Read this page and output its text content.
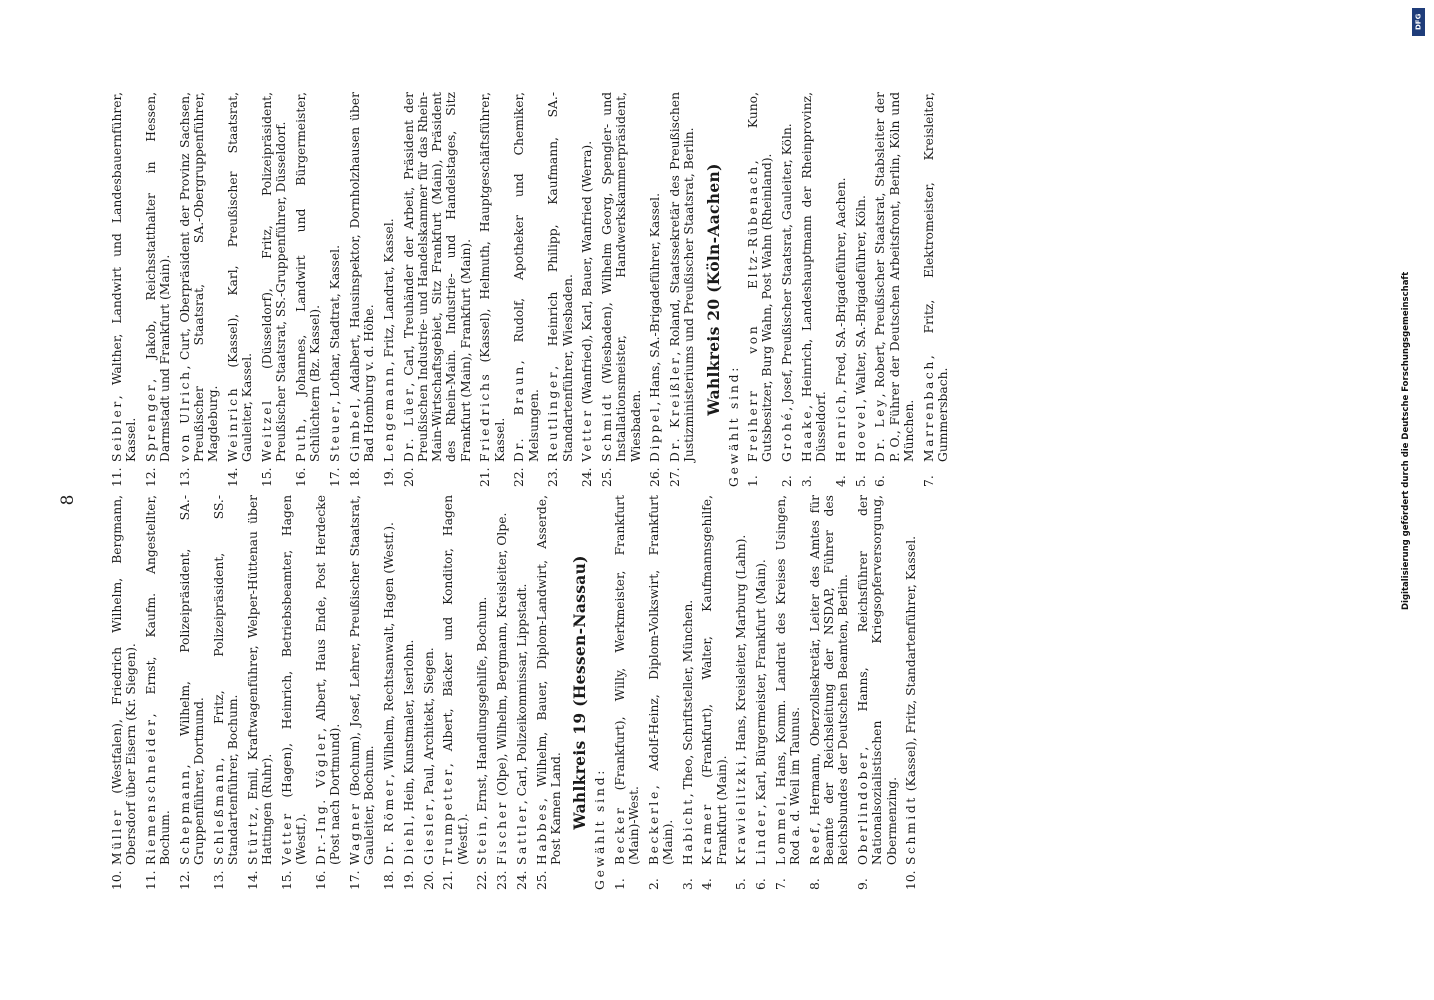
8
10.
Müller (Westfalen), Friedrich Wilhelm, Bergmann, Obersdorf über Eisern (Kr. Siegen).
11.
Riemenschneider, Ernst, Kaufm. Angestellter, Bochum.
12.
Schepmann, Wilhelm, Polizeipräsident, SA.-Gruppenführer, Dortmund.
13.
Schleßmann, Fritz, Polizeipräsident, SS.-Standartenführer, Bochum.
14.
Stürtz, Emil, Kraftwagenführer, Welper-Hüttenau über Hattingen (Ruhr).
15.
Vetter (Hagen), Heinrich, Betriebsbeamter, Hagen (Westf.).
16.
Dr.-Ing. Vögler, Albert, Haus Ende, Post Herdecke (Post nach Dortmund).
17.
Wagner (Bochum), Josef, Lehrer, Preußischer Staatsrat, Gauleiter, Bochum.
18.
Dr. Römer, Wilhelm, Rechtsanwalt, Hagen (Westf.).
19.
Diehl, Hein, Kunstmaler, Iserlohn.
20.
Giesler, Paul, Architekt, Siegen.
21.
Trumpetter, Albert, Bäcker und Konditor, Hagen (Westf.).
22.
Stein, Ernst, Handlungsgehilfe, Bochum.
23.
Fischer (Olpe), Wilhelm, Bergmann, Kreisleiter, Olpe.
24.
Sattler, Carl, Polizeikommissar, Lippstadt.
25.
Habbes, Wilhelm, Bauer, Diplom-Landwirt, Asserde, Post Kamen Land. Wahlkreis 19 (Hessen-Nassau) Gewählt sind: 1.
Becker (Frankfurt), Willy, Werkmeister, Frankfurt (Main)-West.
2.
Beckerle, Adolf-Heinz, Diplom-Volkswirt, Frankfurt (Main).
3.
Habicht, Theo, Schriftsteller, München.
4.
Kramer (Frankfurt), Walter, Kaufmannsgehilfe, Frankfurt (Main).
5.
Krawielitzki, Hans, Kreisleiter, Marburg (Lahn).
6.
Linder, Karl, Bürgermeister, Frankfurt (Main).
7.
Lommel, Hans, Komm. Landrat des Kreises Usingen, Rod a. d. Weil im Taunus.
8.
Reef, Hermann, Oberzollsekretär, Leiter des Amtes für Beamte der Reichsleitung der NSDAP, Führer des Reichsbundes der Deutschen Beamten, Berlin.
9.
Oberlindober, Hanns, Reichsführer der Nationalsozialistischen Kriegsopferversorgung, Obermenzing.
10.
Schmidt (Kassel), Fritz, Standartenführer, Kassel.
11.
Seibler, Walther, Landwirt und Landesbauernführer, Kassel.
12.
Sprenger, Jakob, Reichsstatthalter in Hessen, Darmstadt und Frankfurt (Main).
13.
von Ulrich, Curt, Oberpräsident der Provinz Sachsen, Preußischer Staatsrat, SA.-Obergruppenführer, Magdeburg.
14.
Weinrich (Kassel), Karl, Preußischer Staatsrat, Gauleiter, Kassel.
15.
Weitzel (Düsseldorf), Fritz, Polizeipräsident, Preußischer Staatsrat, SS.-Gruppenführer, Düsseldorf.
16.
Puth, Johannes, Landwirt und Bürgermeister, Schlüchtern (Bz. Kassel).
17.
Steuer, Lothar, Stadtrat, Kassel.
18.
Gimbel, Adalbert, Hausinspektor, Dornholzhausen über Bad Homburg v. d. Höhe.
19.
Lengemann, Fritz, Landrat, Kassel.
20.
Dr. Lüer, Carl, Treuhänder der Arbeit, Präsident der Preußischen Industrie- und Handelskammer für das Rhein-Main-Wirtschaftsgebiet, Sitz Frankfurt (Main), Präsident des Rhein-Main. Industrie- und Handelstages, Sitz Frankfurt (Main), Frankfurt (Main).
21.
Friedrichs (Kassel), Helmuth, Hauptgeschäftsführer, Kassel.
22.
Dr. Braun, Rudolf, Apotheker und Chemiker, Melsungen.
23.
Reutlinger, Heinrich Philipp, Kaufmann, SA.-Standartenführer, Wiesbaden.
24.
Vetter (Wanfried), Karl, Bauer, Wanfried (Werra).
25.
Schmidt (Wiesbaden), Wilhelm Georg, Spengler- und Installationsmeister, Handwerkskammerpräsident, Wiesbaden.
26.
Dippel, Hans, SA.-Brigadeführer, Kassel.
27.
Dr. Kreißler, Roland, Staatssekretär des Preußischen Justizministeriums und Preußischer Staatsrat, Berlin. Wahlkreis 20 (Köln-Aachen)
Gewählt sind: 1.
Freiherr von Eltz-Rübenach, Kuno, Gutsbesitzer, Burg Wahn, Post Wahn (Rheinland).
2.
Grohé, Josef, Preußischer Staatsrat, Gauleiter, Köln.
3.
Haake, Heinrich, Landeshauptmann der Rheinprovinz, Düsseldorf.
4.
Henrich, Fred, SA.-Brigadeführer, Aachen.
5.
Hoevel, Walter, SA.-Brigadeführer, Köln.
6.
Dr. Ley, Robert, Preußischer Staatsrat, Stabsleiter der P. O., Führer der Deutschen Arbeitsfront, Berlin, Köln und München.
7.
Marrenbach, Fritz, Elektromeister, Kreisleiter, Gummersbach.
DFG
Digitalisierung gefördert durch die Deutsche Forschungsgemeinschaft
